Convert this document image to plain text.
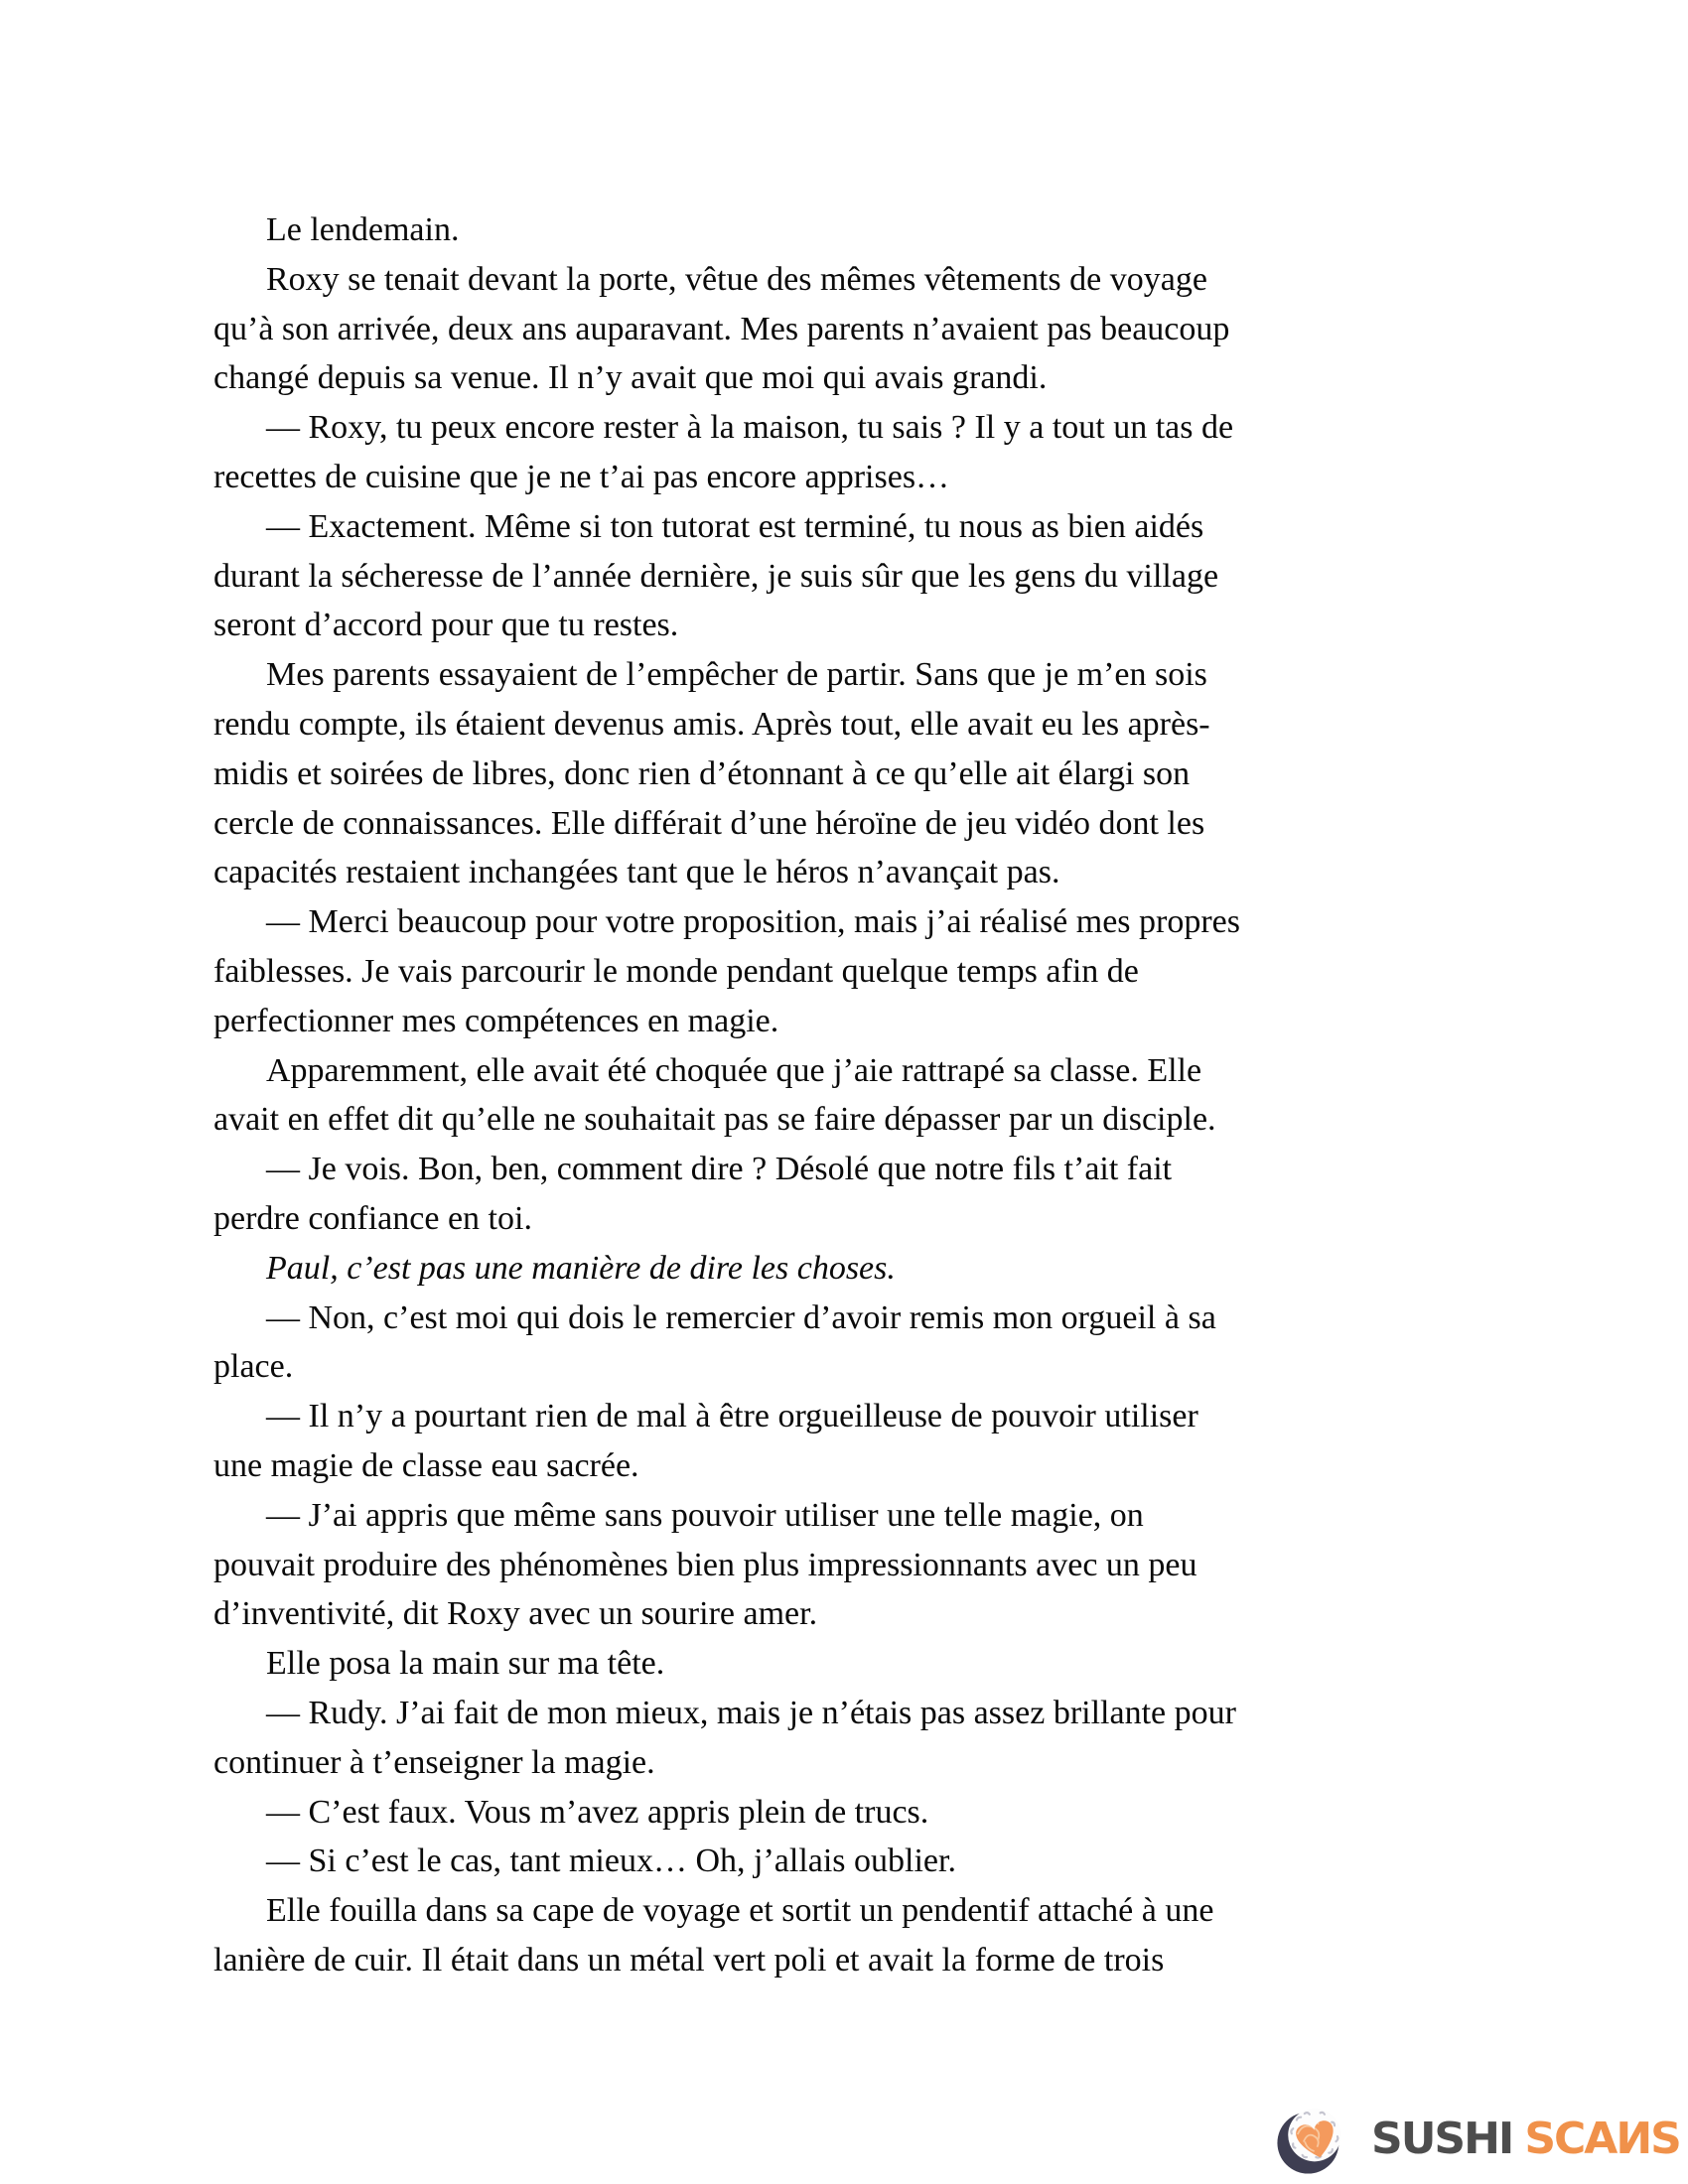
Le lendemain.
Roxy se tenait devant la porte, vêtue des mêmes vêtements de voyage
qu’à son arrivée, deux ans auparavant. Mes parents n’avaient pas beaucoup
changé depuis sa venue. Il n’y avait que moi qui avais grandi.
— Roxy, tu peux encore rester à la maison, tu sais ? Il y a tout un tas de
recettes de cuisine que je ne t’ai pas encore apprises…
— Exactement. Même si ton tutorat est terminé, tu nous as bien aidés
durant la sécheresse de l’année dernière, je suis sûr que les gens du village
seront d’accord pour que tu restes.
Mes parents essayaient de l’empêcher de partir. Sans que je m’en sois
rendu compte, ils étaient devenus amis. Après tout, elle avait eu les après-
midis et soirées de libres, donc rien d’étonnant à ce qu’elle ait élargi son
cercle de connaissances. Elle différait d’une héroïne de jeu vidéo dont les
capacités restaient inchangées tant que le héros n’avançait pas.
— Merci beaucoup pour votre proposition, mais j’ai réalisé mes propres
faiblesses. Je vais parcourir le monde pendant quelque temps afin de
perfectionner mes compétences en magie.
Apparemment, elle avait été choquée que j’aie rattrapé sa classe. Elle
avait en effet dit qu’elle ne souhaitait pas se faire dépasser par un disciple.
— Je vois. Bon, ben, comment dire ? Désolé que notre fils t’ait fait
perdre confiance en toi.
Paul, c’est pas une manière de dire les choses.
— Non, c’est moi qui dois le remercier d’avoir remis mon orgueil à sa
place.
— Il n’y a pourtant rien de mal à être orgueilleuse de pouvoir utiliser
une magie de classe eau sacrée.
— J’ai appris que même sans pouvoir utiliser une telle magie, on
pouvait produire des phénomènes bien plus impressionnants avec un peu
d’inventivité, dit Roxy avec un sourire amer.
Elle posa la main sur ma tête.
— Rudy. J’ai fait de mon mieux, mais je n’étais pas assez brillante pour
continuer à t’enseigner la magie.
— C’est faux. Vous m’avez appris plein de trucs.
— Si c’est le cas, tant mieux… Oh, j’allais oublier.
Elle fouilla dans sa cape de voyage et sortit un pendentif attaché à une
lanière de cuir. Il était dans un métal vert poli et avait la forme de trois
SUSHI SCAИS
